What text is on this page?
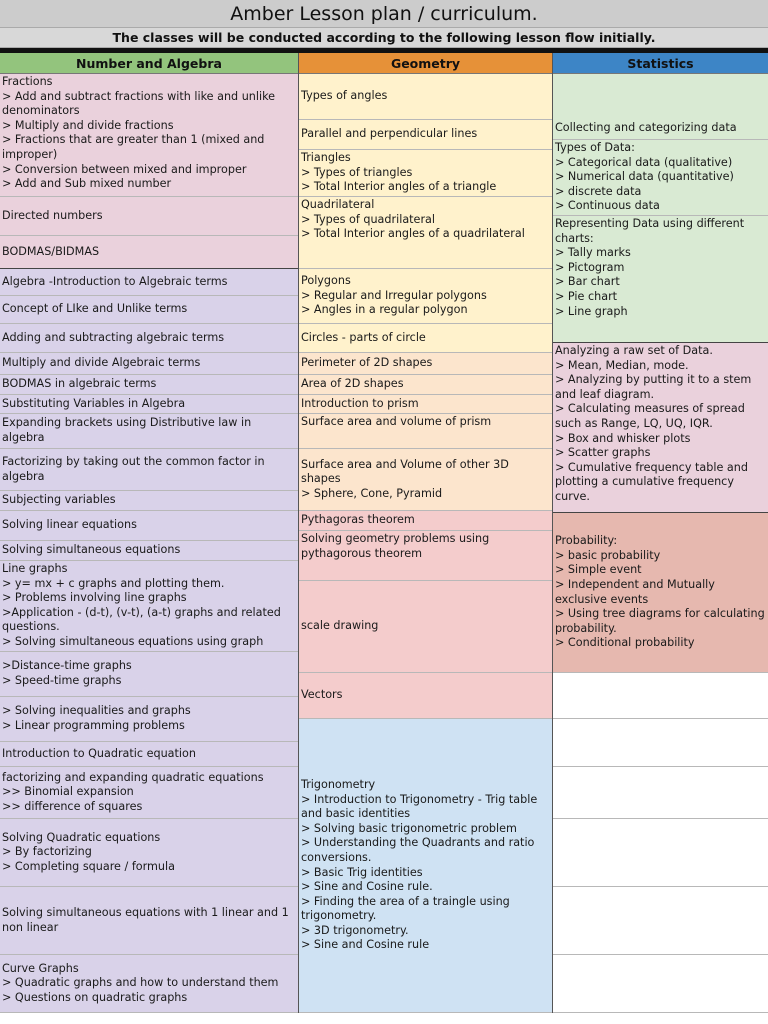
Amber Lesson plan / curriculum.
The classes will be conducted according to the following lesson flow initially.
Number and Algebra
Fractions
> Add and subtract fractions with like and unlike denominators
> Multiply and divide fractions
> Fractions that are greater than 1 (mixed and improper)
> Conversion between mixed and improper
> Add and Sub mixed number
Directed numbers
BODMAS/BIDMAS
Algebra -Introduction to Algebraic terms
Concept of LIke and Unlike terms
Adding and subtracting algebraic terms
Multiply and divide Algebraic terms
BODMAS in algebraic terms
Substituting Variables in Algebra
Expanding brackets using Distributive law in algebra
Factorizing by taking out the common factor in algebra
Subjecting variables
Solving linear equations
Solving simultaneous equations
Line graphs
> y= mx + c graphs and plotting them.
> Problems involving line graphs
>Application - (d-t), (v-t), (a-t) graphs and related questions.
> Solving simultaneous equations using graph
>Distance-time graphs
> Speed-time graphs
> Solving inequalities and graphs
> Linear programming problems
Introduction to Quadratic equation
factorizing and expanding quadratic equations
>> Binomial expansion
>> difference of squares
Solving Quadratic equations
> By factorizing
> Completing square / formula
Solving simultaneous equations with 1 linear and 1 non linear
Curve Graphs
> Quadratic graphs and how to understand them
> Questions on quadratic graphs
Geometry
Types of angles
Parallel and perpendicular lines
Triangles
> Types of triangles
> Total Interior angles of a triangle
Quadrilateral
> Types of quadrilateral
> Total Interior angles of a quadrilateral
Polygons
> Regular and Irregular polygons
> Angles in a regular polygon
Circles - parts of circle
Perimeter of 2D shapes
Area of 2D shapes
Introduction to prism
Surface area and volume of prism
Surface area and Volume of other 3D shapes
> Sphere, Cone, Pyramid
Pythagoras theorem
Solving geometry problems using pythagorous theorem
scale drawing
Vectors
Trigonometry
> Introduction to Trigonometry - Trig table and basic identities
> Solving basic trigonometric problem
> Understanding the Quadrants and ratio conversions.
> Basic Trig identities
> Sine and Cosine rule.
> Finding the area of a traingle using trigonometry.
> 3D trigonometry.
> Sine and Cosine rule
Statistics
Collecting and categorizing data
Types of Data:
> Categorical data (qualitative)
> Numerical data (quantitative)
> discrete data
> Continuous data
Representing Data using different charts:
> Tally marks
> Pictogram
> Bar chart
> Pie chart
> Line graph
Analyzing a raw set of Data.
> Mean, Median, mode.
> Analyzing by putting it to a stem and leaf diagram.
> Calculating measures of spread such as Range, LQ, UQ, IQR.
> Box and whisker plots
> Scatter graphs
> Cumulative frequency table and plotting a cumulative frequency curve.
Probability:
> basic probability
> Simple event
> Independent and Mutually exclusive events
> Using tree diagrams for calculating probability.
> Conditional probability
